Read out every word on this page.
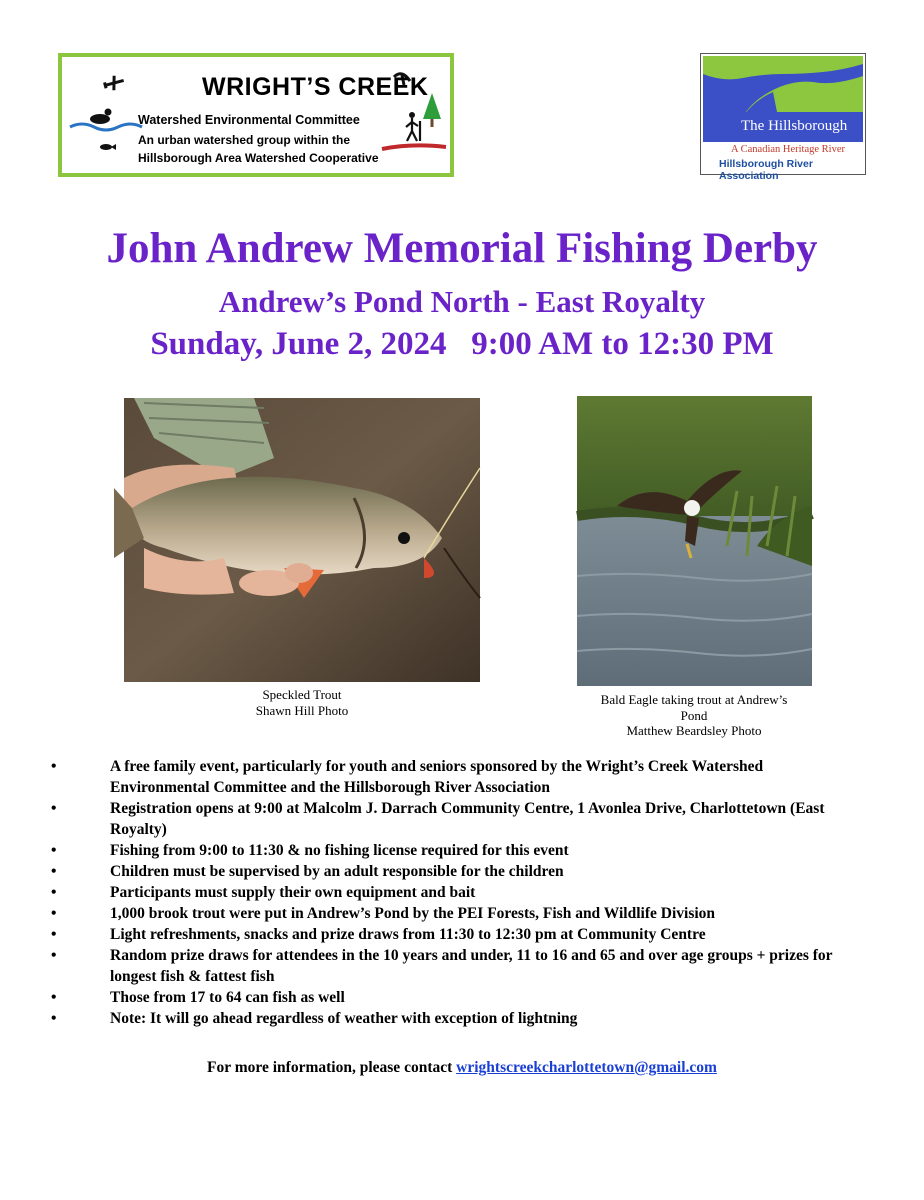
WRIGHT’S CREEK
Watershed Environmental Committee
An urban watershed group within the
Hillsborough Area Watershed Cooperative
The Hillsborough
A Canadian Heritage River
Hillsborough River Association
John Andrew Memorial Fishing Derby
Andrew’s Pond North - East Royalty
Sunday, June 2, 2024   9:00 AM to 12:30 PM
Speckled Trout
Shawn Hill Photo
Bald Eagle taking trout at Andrew’s
Pond
Matthew Beardsley Photo
•	A free family event, particularly for youth and seniors sponsored by the Wright’s Creek Watershed Environmental Committee and the Hillsborough River Association
•	Registration opens at 9:00 at Malcolm J. Darrach Community Centre, 1 Avonlea Drive, Charlottetown (East Royalty)
•	Fishing from 9:00 to 11:30 & no fishing license required for this event
•	Children must be supervised by an adult responsible for the children
•	Participants must supply their own equipment and bait
•	1,000 brook trout were put in Andrew’s Pond by the PEI Forests, Fish and Wildlife Division
•	Light refreshments, snacks and prize draws from 11:30 to 12:30 pm at Community Centre
•	Random prize draws for attendees in the 10 years and under, 11 to 16 and 65 and over age groups + prizes for longest fish & fattest fish
•	Those from 17 to 64 can fish as well
•	Note: It will go ahead regardless of weather with exception of lightning
For more information, please contact wrightscreekcharlottetown@gmail.com
